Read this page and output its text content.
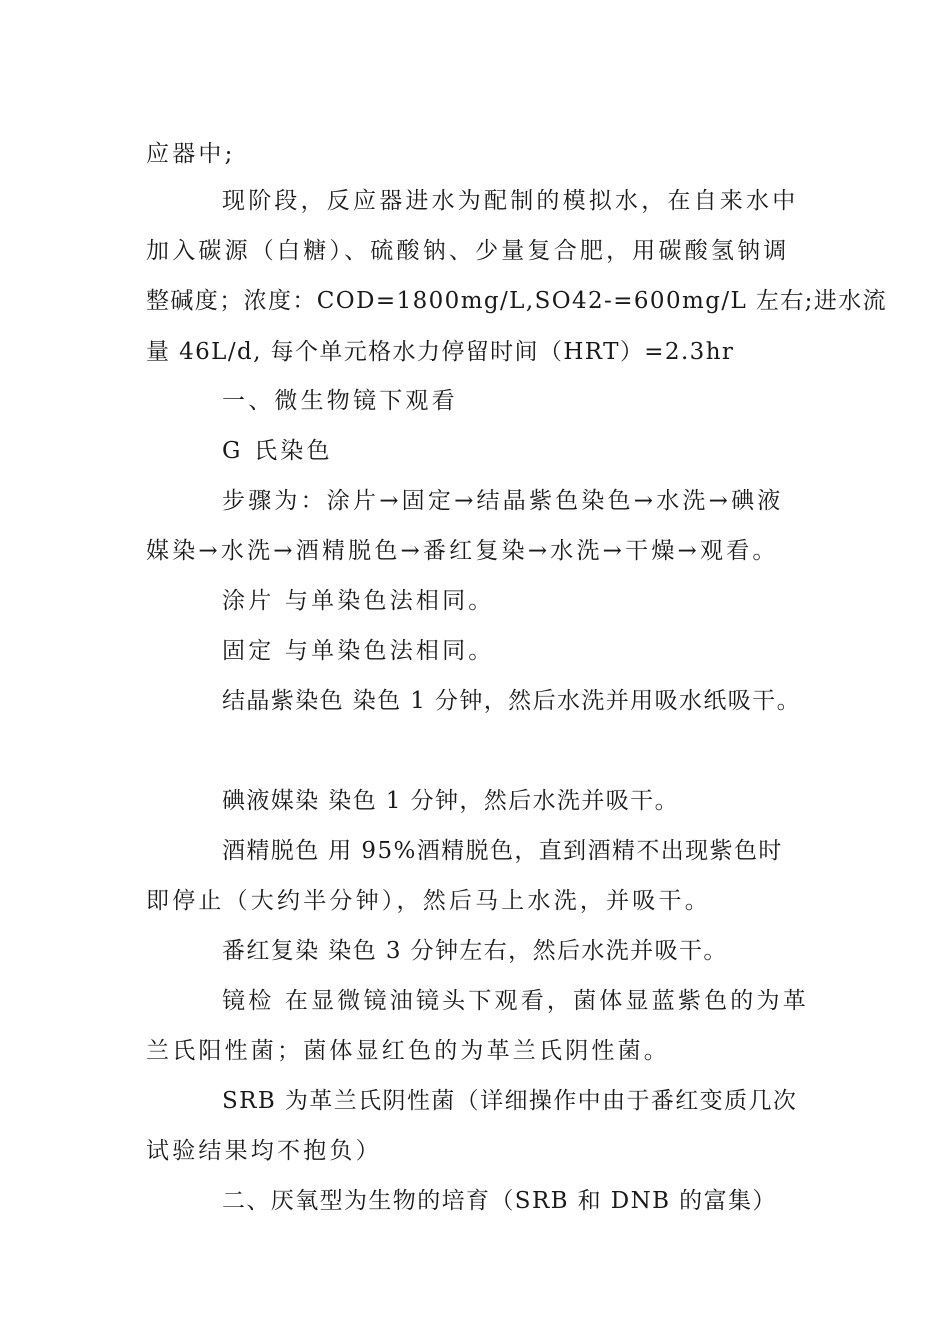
应器中;
现阶段，反应器进水为配制的模拟水，在自来水中
加入碳源（白糖）、硫酸钠、少量复合肥，用碳酸氢钠调
整碱度；浓度：COD=1800mg/L,SO42-=600mg/L 左右;进水流
量 46L/d, 每个单元格水力停留时间（HRT）=2.3hr
一、微生物镜下观看
G 氏染色
步骤为：涂片→固定→结晶紫色染色→水洗→碘液
媒染→水洗→酒精脱色→番红复染→水洗→干燥→观看。
涂片 与单染色法相同。
固定 与单染色法相同。
结晶紫染色 染色 1 分钟，然后水洗并用吸水纸吸干。
碘液媒染 染色 1 分钟，然后水洗并吸干。
酒精脱色 用 95%酒精脱色，直到酒精不出现紫色时
即停止（大约半分钟），然后马上水洗，并吸干。
番红复染 染色 3 分钟左右，然后水洗并吸干。
镜检 在显微镜油镜头下观看，菌体显蓝紫色的为革
兰氏阳性菌；菌体显红色的为革兰氏阴性菌。
SRB 为革兰氏阴性菌（详细操作中由于番红变质几次
试验结果均不抱负）
二、厌氧型为生物的培育（SRB 和 DNB 的富集）
